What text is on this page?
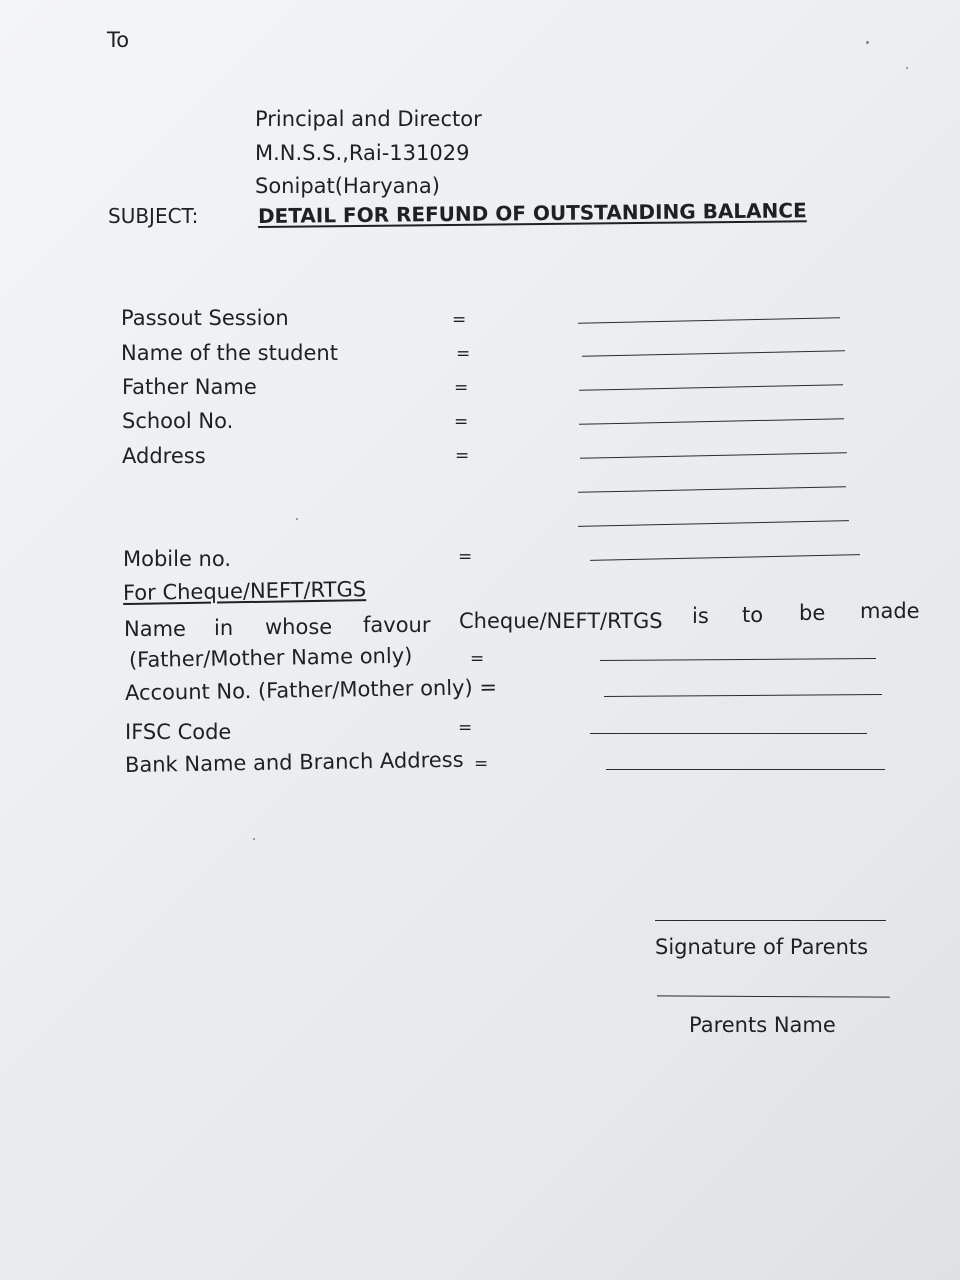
To
Principal and Director
M.N.S.S.,Rai-131029
Sonipat(Haryana)
SUBJECT:	DETAIL FOR REFUND OF OUTSTANDING BALANCE
Passout Session	=
Name of the student	=
Father Name	=
School No.	=
Address	=
Mobile no.	=
For Cheque/NEFT/RTGS
Name in whose favour Cheque/NEFT/RTGS is to be made
(Father/Mother Name only)	=
Account No. (Father/Mother only) =
IFSC Code	=
Bank Name and Branch Address =
Signature of Parents
Parents Name
